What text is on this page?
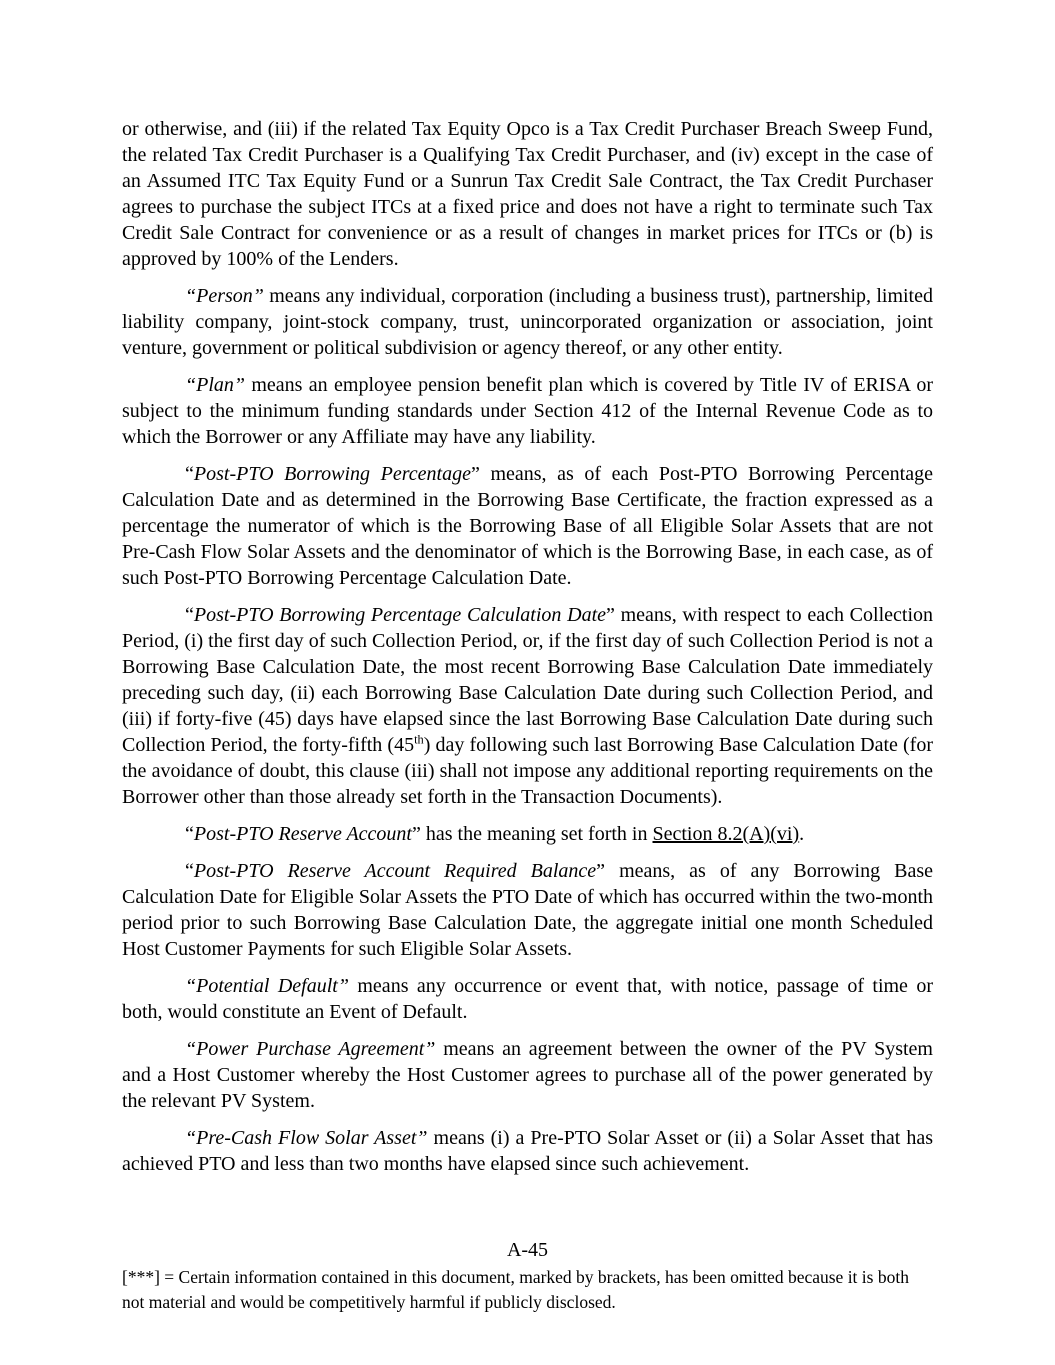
or otherwise, and (iii) if the related Tax Equity Opco is a Tax Credit Purchaser Breach Sweep Fund, the related Tax Credit Purchaser is a Qualifying Tax Credit Purchaser, and (iv) except in the case of an Assumed ITC Tax Equity Fund or a Sunrun Tax Credit Sale Contract, the Tax Credit Purchaser agrees to purchase the subject ITCs at a fixed price and does not have a right to terminate such Tax Credit Sale Contract for convenience or as a result of changes in market prices for ITCs or (b) is approved by 100% of the Lenders.

“Person” means any individual, corporation (including a business trust), partnership, limited liability company, joint-stock company, trust, unincorporated organization or association, joint venture, government or political subdivision or agency thereof, or any other entity.

“Plan” means an employee pension benefit plan which is covered by Title IV of ERISA or subject to the minimum funding standards under Section 412 of the Internal Revenue Code as to which the Borrower or any Affiliate may have any liability.

“Post-PTO Borrowing Percentage” means, as of each Post-PTO Borrowing Percentage Calculation Date and as determined in the Borrowing Base Certificate, the fraction expressed as a percentage the numerator of which is the Borrowing Base of all Eligible Solar Assets that are not Pre-Cash Flow Solar Assets and the denominator of which is the Borrowing Base, in each case, as of such Post-PTO Borrowing Percentage Calculation Date.

“Post-PTO Borrowing Percentage Calculation Date” means, with respect to each Collection Period, (i) the first day of such Collection Period, or, if the first day of such Collection Period is not a Borrowing Base Calculation Date, the most recent Borrowing Base Calculation Date immediately preceding such day, (ii) each Borrowing Base Calculation Date during such Collection Period, and (iii) if forty-five (45) days have elapsed since the last Borrowing Base Calculation Date during such Collection Period, the forty-fifth (45th) day following such last Borrowing Base Calculation Date (for the avoidance of doubt, this clause (iii) shall not impose any additional reporting requirements on the Borrower other than those already set forth in the Transaction Documents).

“Post-PTO Reserve Account” has the meaning set forth in Section 8.2(A)(vi).

“Post-PTO Reserve Account Required Balance” means, as of any Borrowing Base Calculation Date for Eligible Solar Assets the PTO Date of which has occurred within the two-month period prior to such Borrowing Base Calculation Date, the aggregate initial one month Scheduled Host Customer Payments for such Eligible Solar Assets.

“Potential Default” means any occurrence or event that, with notice, passage of time or both, would constitute an Event of Default.

“Power Purchase Agreement” means an agreement between the owner of the PV System and a Host Customer whereby the Host Customer agrees to purchase all of the power generated by the relevant PV System.

“Pre-Cash Flow Solar Asset” means (i) a Pre-PTO Solar Asset or (ii) a Solar Asset that has achieved PTO and less than two months have elapsed since such achievement.

A-45
[***] = Certain information contained in this document, marked by brackets, has been omitted because it is both not material and would be competitively harmful if publicly disclosed.
